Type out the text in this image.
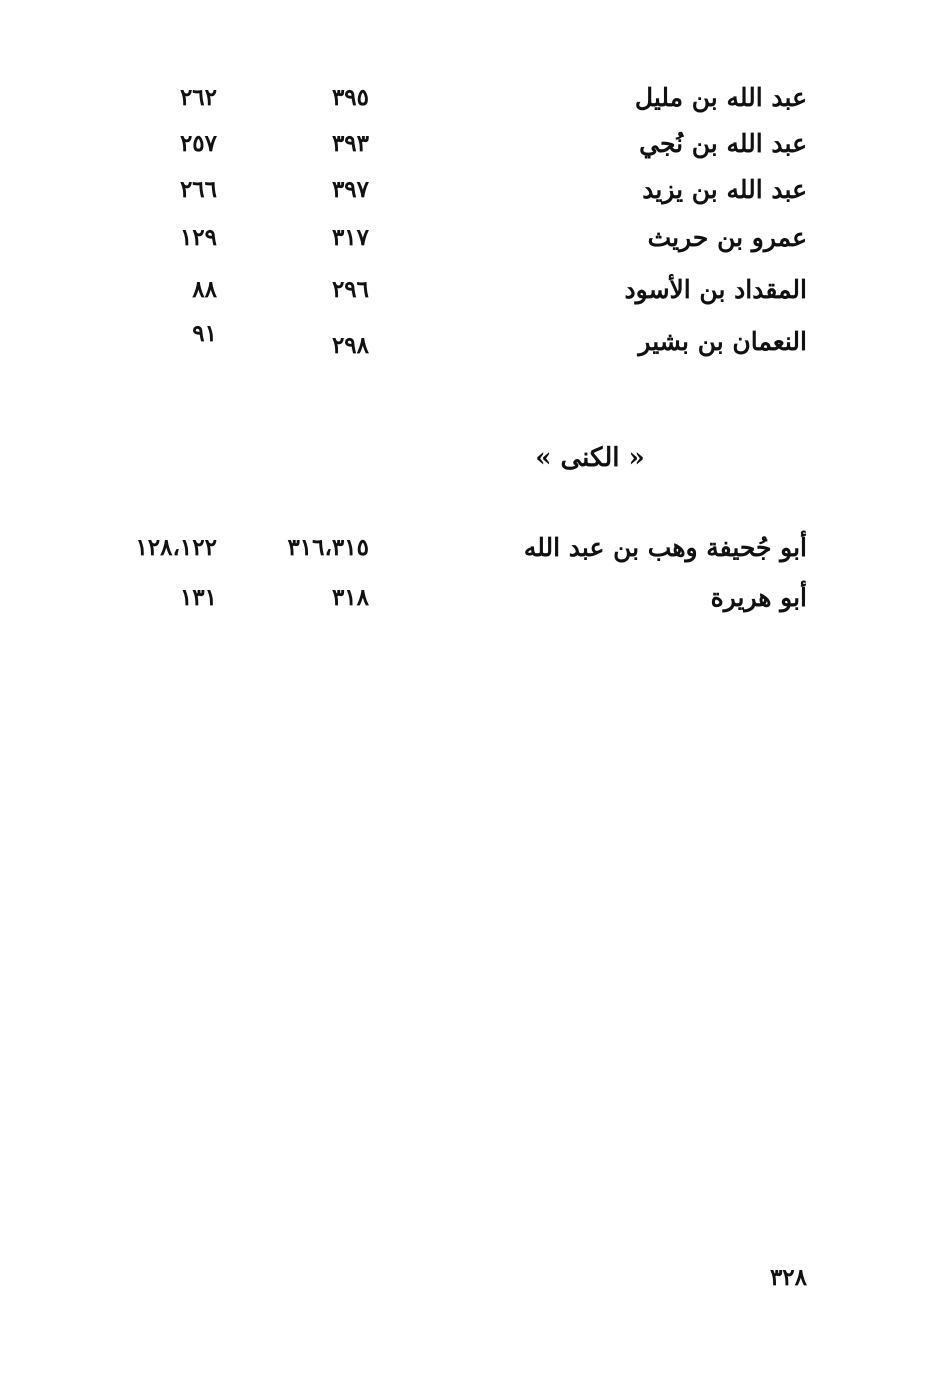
عبد الله بن مليل
٣٩٥
٢٦٢
عبد الله بن نُجي
٣٩٣
٢٥٧
عبد الله بن يزيد
٣٩٧
٢٦٦
عمرو بن حريث
٣١٧
١٢٩
المقداد بن الأسود
٢٩٦
٨٨
النعمان بن بشير
٢٩٨
٩١
« الكنى »
أبو جُحيفة وهب بن عبد الله
٣١٦،٣١٥
١٢٨،١٢٢
أبو هريرة
٣١٨
١٣١
٣٢٨
